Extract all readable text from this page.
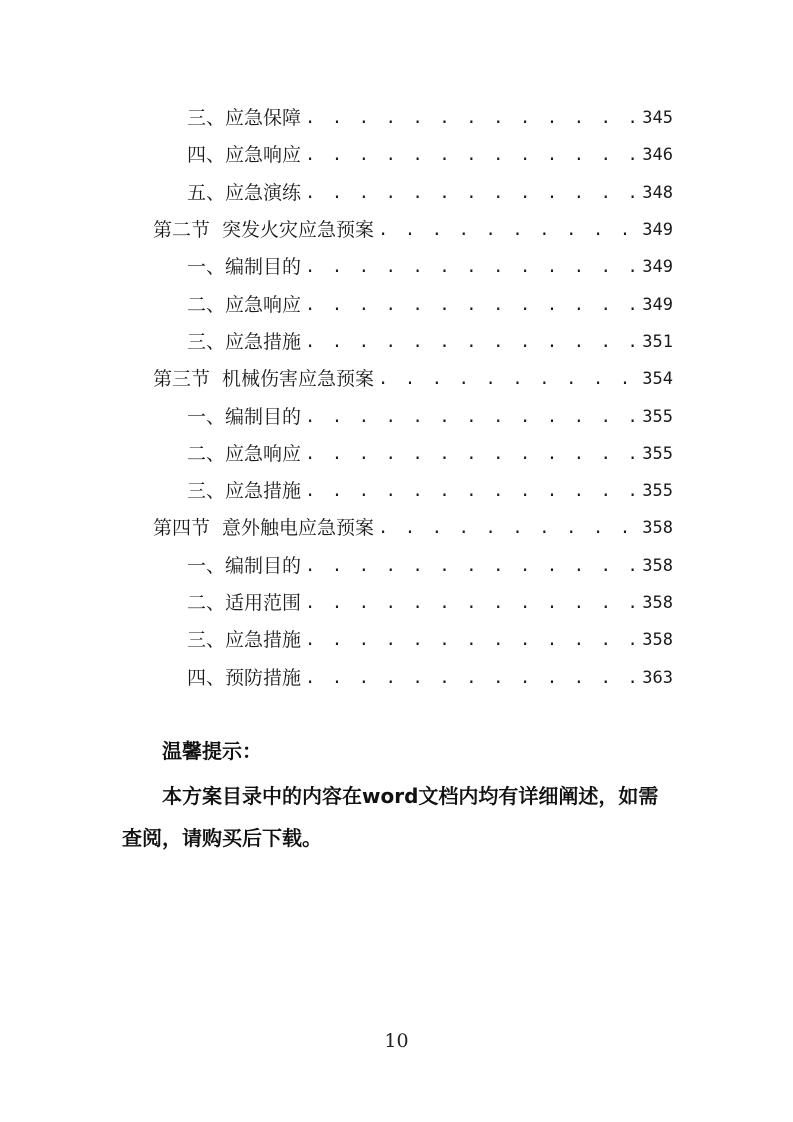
三、应急保障 . . .	345
四、应急响应 . . .	346
五、应急演练 . . .	348
第二节 突发火灾应急预案 . . .	349
一、编制目的 . . .	349
二、应急响应 . . .	349
三、应急措施 . . .	351
第三节 机械伤害应急预案 . . .	354
一、编制目的 . . .	355
二、应急响应 . . .	355
三、应急措施 . . .	355
第四节 意外触电应急预案 . . .	358
一、编制目的 . . .	358
二、适用范围 . . .	358
三、应急措施 . . .	358
四、预防措施 . . .	363
温馨提示：
本方案目录中的内容在word文档内均有详细阐述，如需查阅，请购买后下载。
10
